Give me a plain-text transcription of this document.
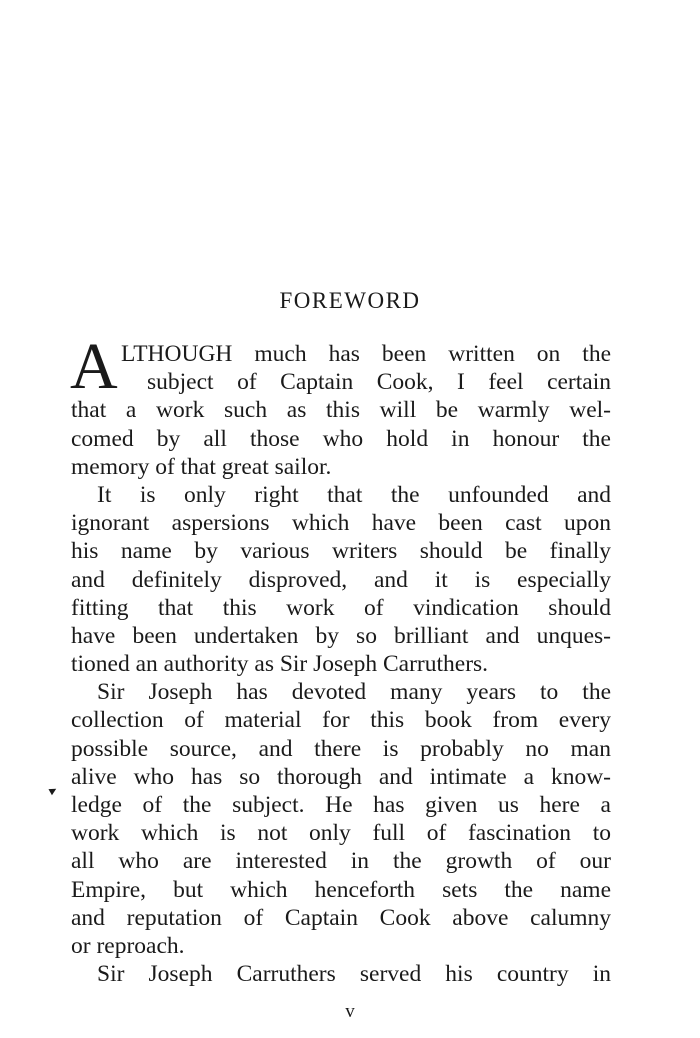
FOREWORD
A LTHOUGH much has been written on the
subject of Captain Cook, I feel certain
that a work such as this will be warmly wel-
comed by all those who hold in honour the
memory of that great sailor.
It is only right that the unfounded and
ignorant aspersions which have been cast upon
his name by various writers should be finally
and definitely disproved, and it is especially
fitting that this work of vindication should
have been undertaken by so brilliant and unques-
tioned an authority as Sir Joseph Carruthers.
Sir Joseph has devoted many years to the
collection of material for this book from every
possible source, and there is probably no man
alive who has so thorough and intimate a know-
ledge of the subject. He has given us here a
work which is not only full of fascination to
all who are interested in the growth of our
Empire, but which henceforth sets the name
and reputation of Captain Cook above calumny
or reproach.
Sir Joseph Carruthers served his country in
▸
v
